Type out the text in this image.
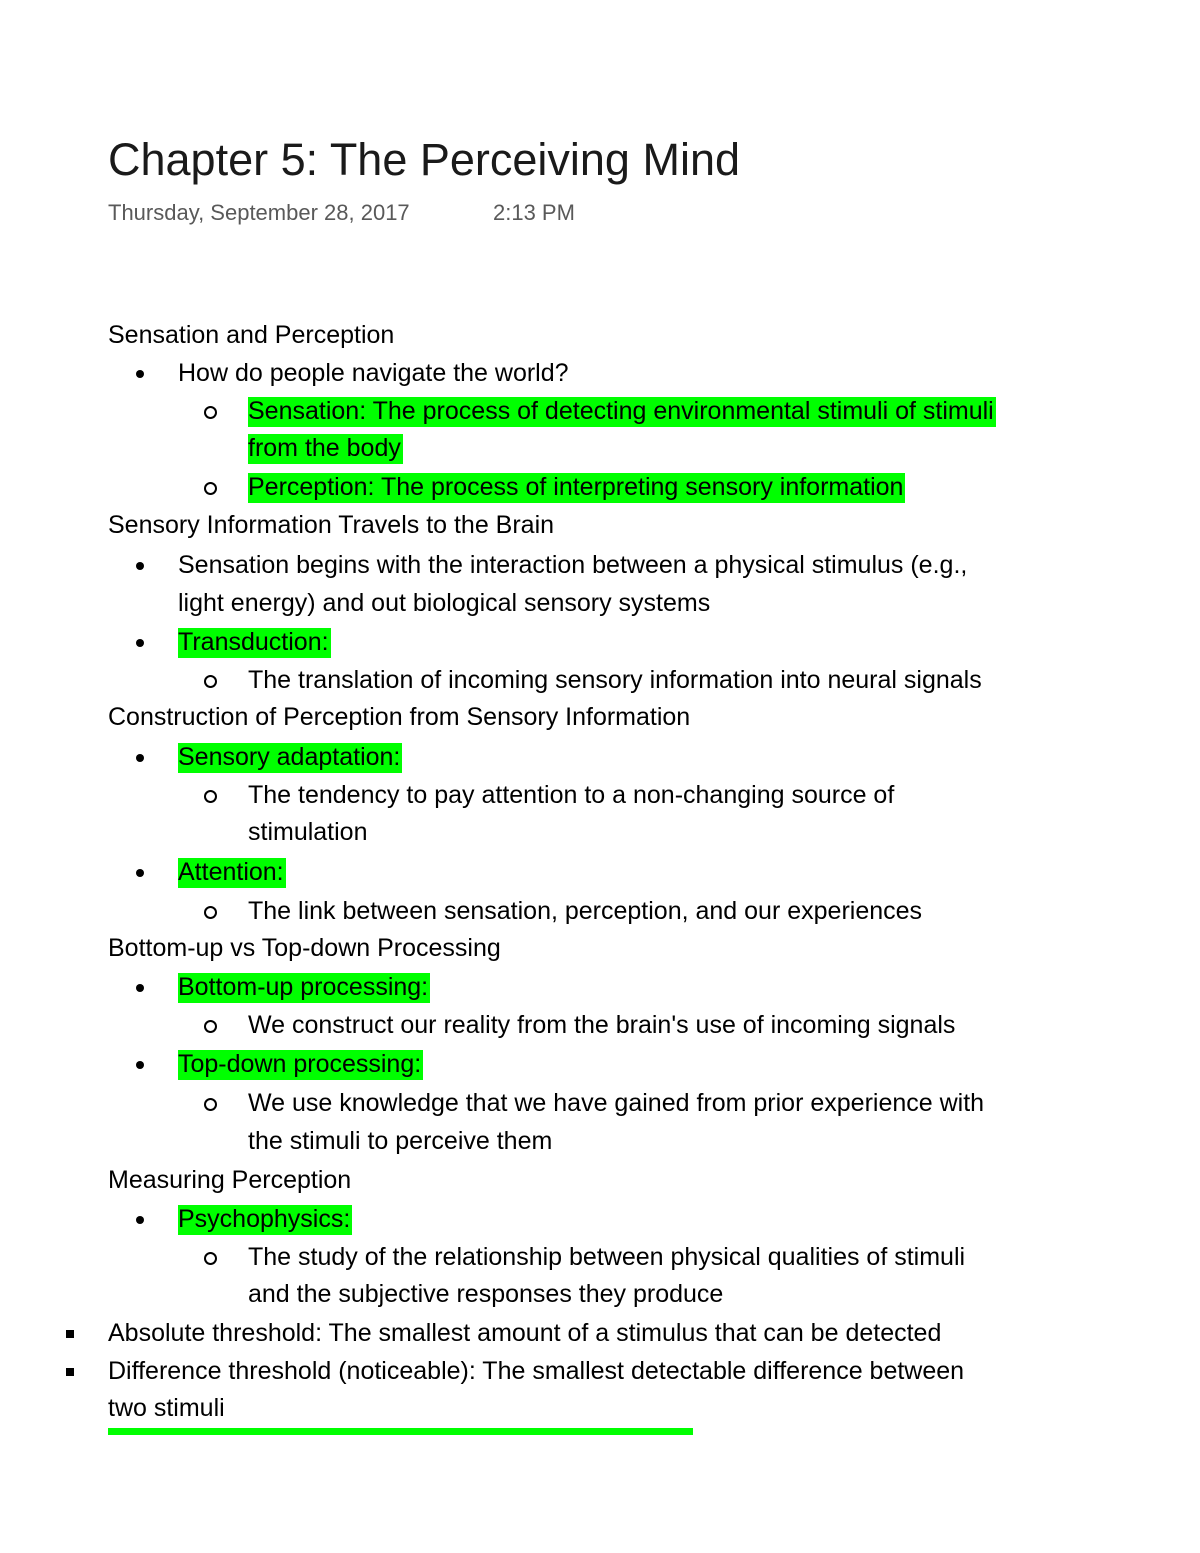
Chapter 5: The Perceiving Mind
Thursday, September 28, 2017	2:13 PM
Sensation and Perception
How do people navigate the world?
Sensation: The process of detecting environmental stimuli of stimuli
from the body
Perception: The process of interpreting sensory information
Sensory Information Travels to the Brain
Sensation begins with the interaction between a physical stimulus (e.g.,
light energy) and out biological sensory systems
Transduction:
The translation of incoming sensory information into neural signals
Construction of Perception from Sensory Information
Sensory adaptation:
The tendency to pay attention to a non-changing source of
stimulation
Attention:
The link between sensation, perception, and our experiences
Bottom-up vs Top-down Processing
Bottom-up processing:
We construct our reality from the brain's use of incoming signals
Top-down processing:
We use knowledge that we have gained from prior experience with
the stimuli to perceive them
Measuring Perception
Psychophysics:
The study of the relationship between physical qualities of stimuli
and the subjective responses they produce
Absolute threshold: The smallest amount of a stimulus that can be detected
Difference threshold (noticeable): The smallest detectable difference between
two stimuli
